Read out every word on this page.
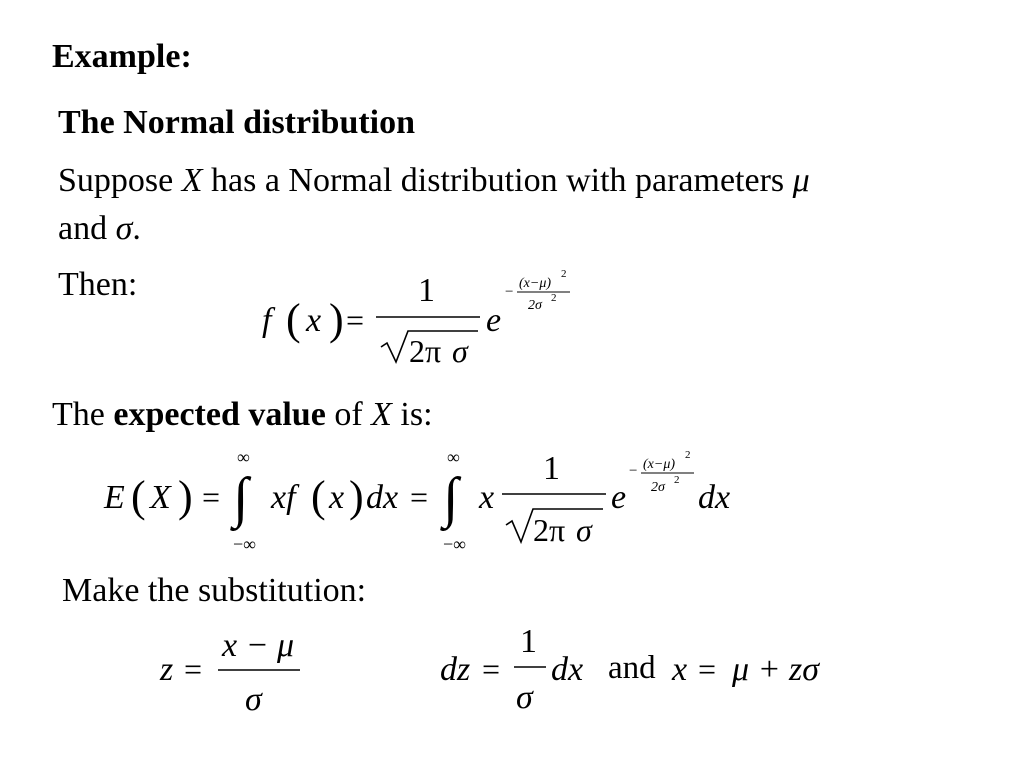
Example:
The Normal distribution
Suppose X has a Normal distribution with parameters μ
and σ.
Then:
The expected value of X is:
Make the substitution:
f ( x ) =
1
2π σ
e
−
(x−μ)
2
2σ 2
E ( X ) =
∞
∫
−∞
xf ( x ) dx =
∞
∫
−∞
x
1
2π σ
e
− (x−μ)
2
2σ 2 dx
z =
x − μ
σ
dz =
1
σ
dx and x = μ + zσ
